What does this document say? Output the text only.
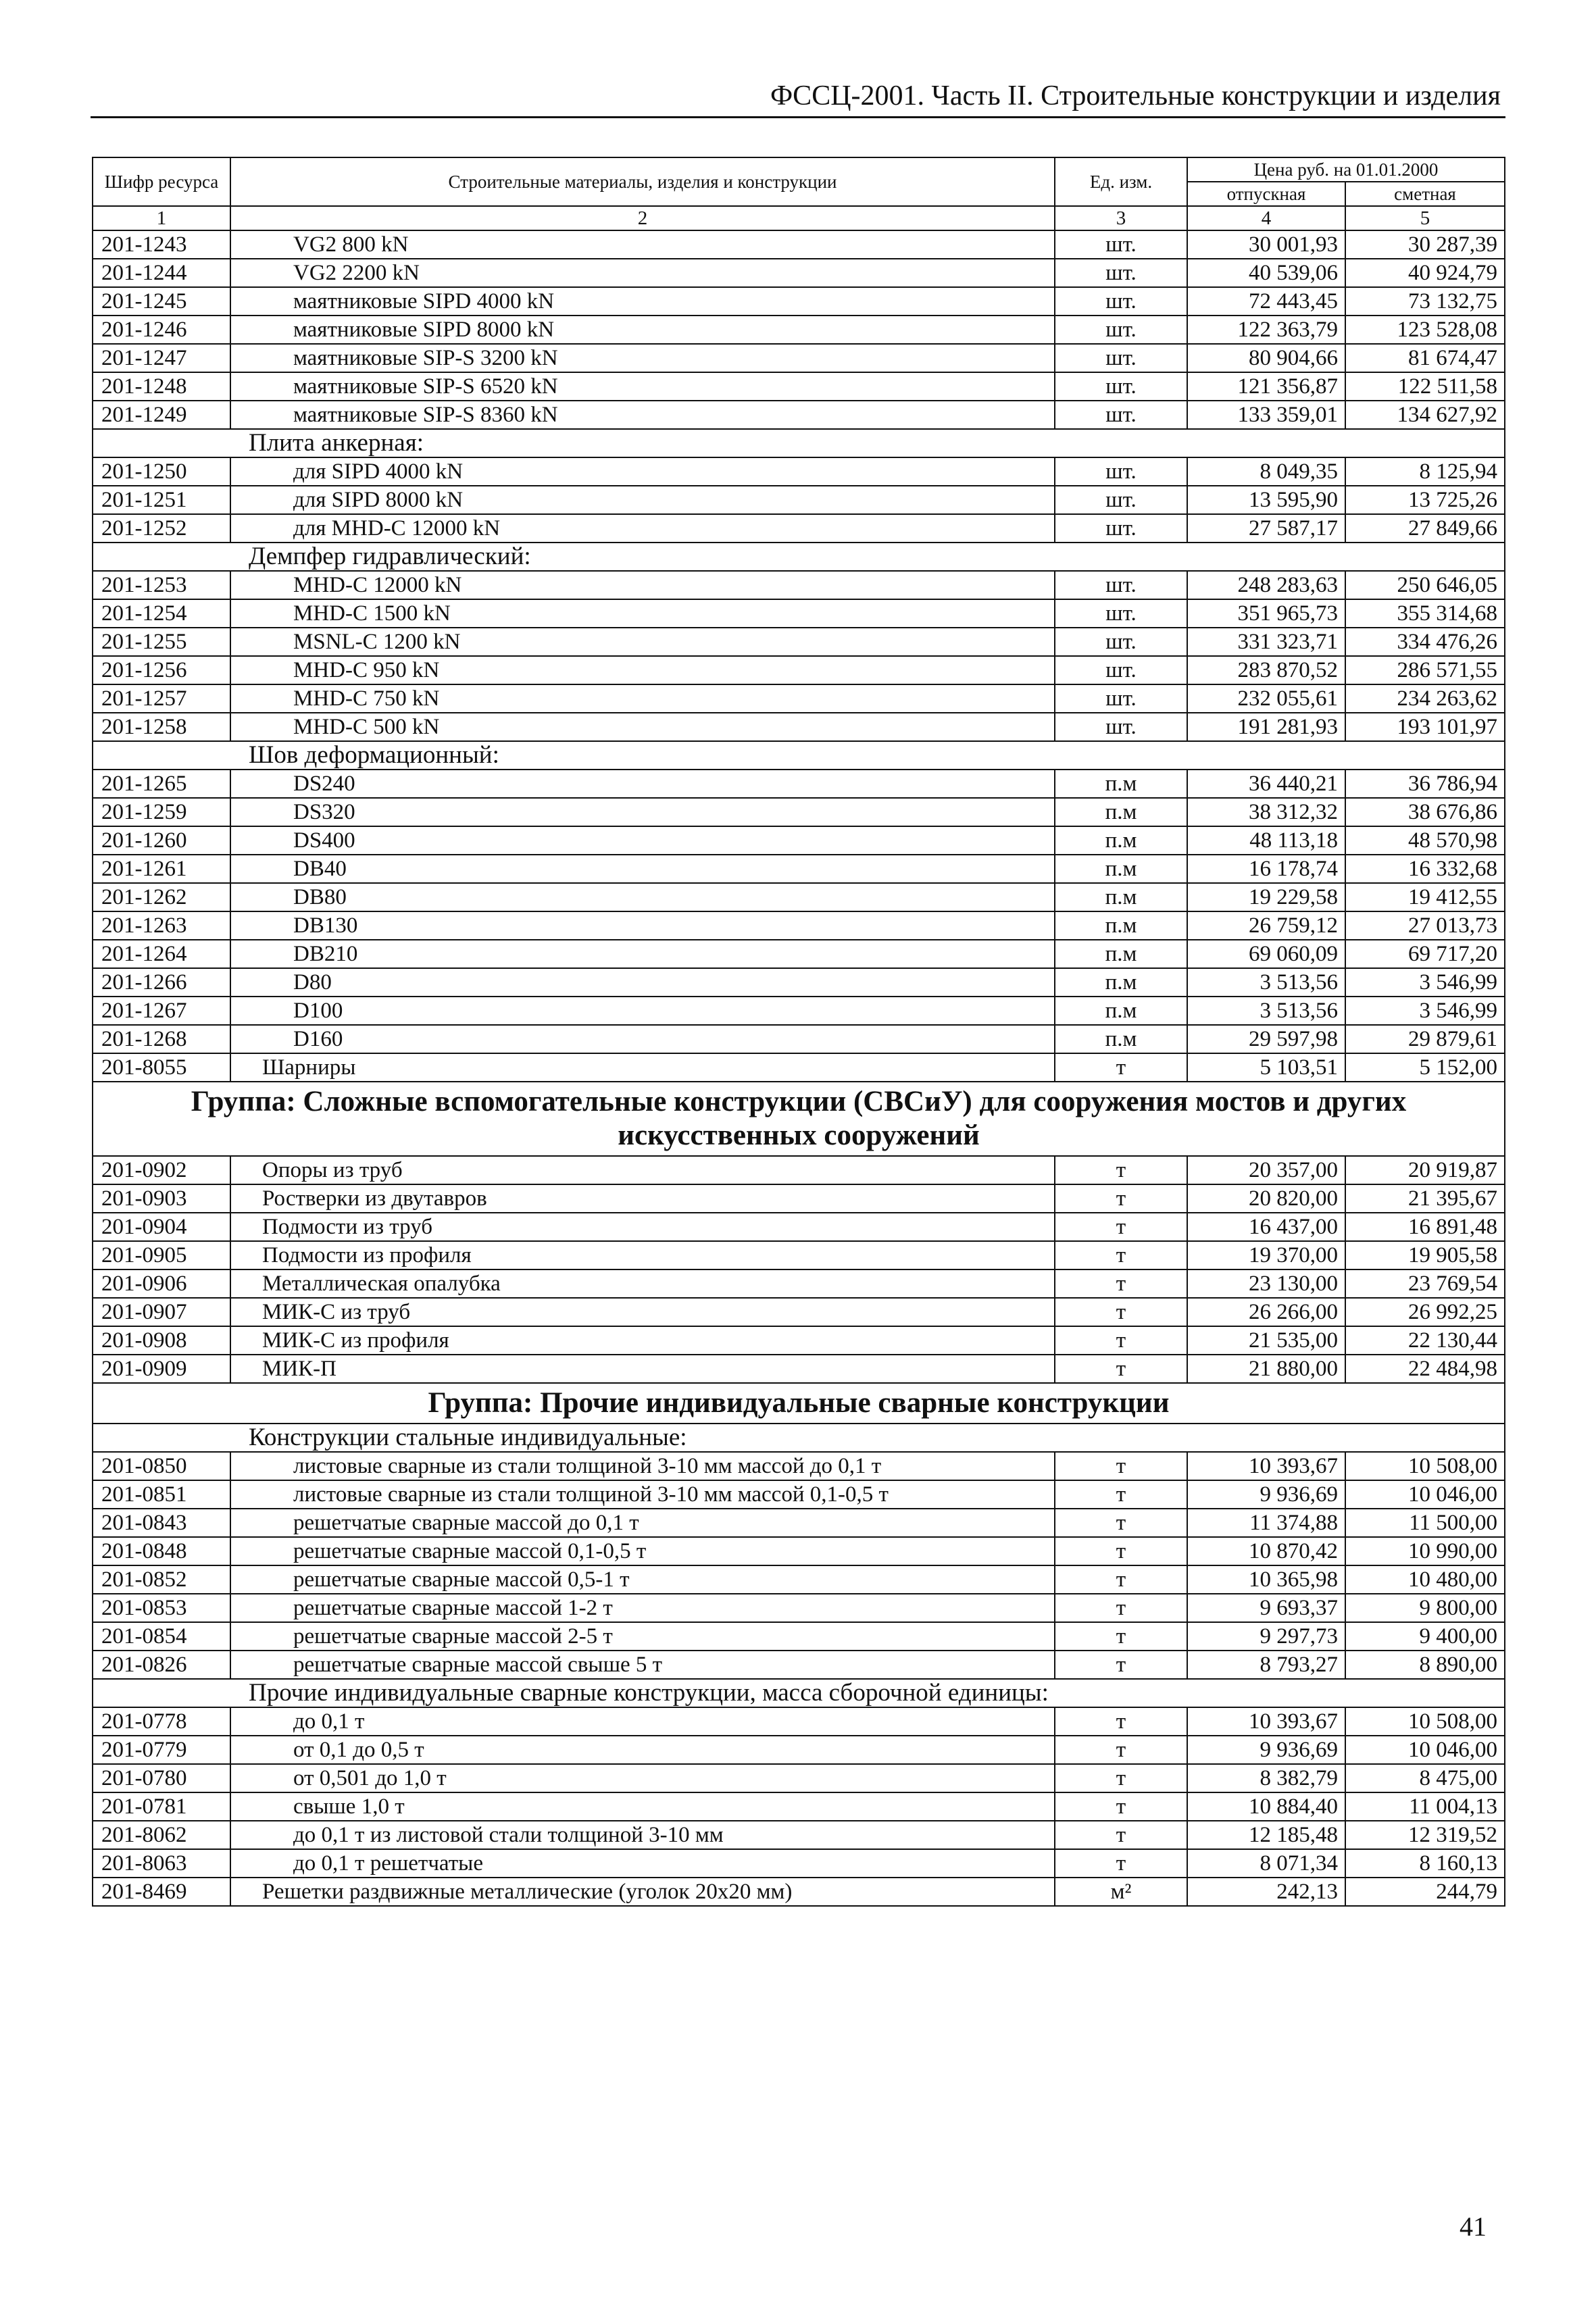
ФССЦ-2001. Часть II. Строительные конструкции и изделия
Шифр ресурса	Строительные материалы, изделия и конструкции	Ед. изм.	Цена руб. на 01.01.2000	
			отпускная	сметная
1	2	3	4	5
201-1243	VG2 800 kN	шт.	30 001,93	30 287,39
201-1244	VG2 2200 kN	шт.	40 539,06	40 924,79
201-1245	маятниковые SIPD 4000 kN	шт.	72 443,45	73 132,75
201-1246	маятниковые SIPD 8000 kN	шт.	122 363,79	123 528,08
201-1247	маятниковые SIP-S 3200 kN	шт.	80 904,66	81 674,47
201-1248	маятниковые SIP-S 6520 kN	шт.	121 356,87	122 511,58
201-1249	маятниковые SIP-S 8360 kN	шт.	133 359,01	134 627,92
Плита анкерная:				
201-1250	для SIPD 4000 kN	шт.	8 049,35	8 125,94
201-1251	для SIPD 8000 kN	шт.	13 595,90	13 725,26
201-1252	для MHD-C 12000 kN	шт.	27 587,17	27 849,66
Демпфер гидравлический:				
201-1253	MHD-C 12000 kN	шт.	248 283,63	250 646,05
201-1254	MHD-C 1500 kN	шт.	351 965,73	355 314,68
201-1255	MSNL-C 1200 kN	шт.	331 323,71	334 476,26
201-1256	MHD-C 950 kN	шт.	283 870,52	286 571,55
201-1257	MHD-C 750 kN	шт.	232 055,61	234 263,62
201-1258	MHD-C 500 kN	шт.	191 281,93	193 101,97
Шов деформационный:				
201-1265	DS240	п.м	36 440,21	36 786,94
201-1259	DS320	п.м	38 312,32	38 676,86
201-1260	DS400	п.м	48 113,18	48 570,98
201-1261	DB40	п.м	16 178,74	16 332,68
201-1262	DB80	п.м	19 229,58	19 412,55
201-1263	DB130	п.м	26 759,12	27 013,73
201-1264	DB210	п.м	69 060,09	69 717,20
201-1266	D80	п.м	3 513,56	3 546,99
201-1267	D100	п.м	3 513,56	3 546,99
201-1268	D160	п.м	29 597,98	29 879,61
201-8055	Шарниры	т	5 103,51	5 152,00
Группа: Сложные вспомогательные конструкции (СВСиУ) для сооружения мостов и других искусственных сооружений				
201-0902	Опоры из труб	т	20 357,00	20 919,87
201-0903	Ростверки из двутавров	т	20 820,00	21 395,67
201-0904	Подмости из труб	т	16 437,00	16 891,48
201-0905	Подмости из профиля	т	19 370,00	19 905,58
201-0906	Металлическая опалубка	т	23 130,00	23 769,54
201-0907	МИК-С из труб	т	26 266,00	26 992,25
201-0908	МИК-С из профиля	т	21 535,00	22 130,44
201-0909	МИК-П	т	21 880,00	22 484,98
Группа: Прочие индивидуальные сварные конструкции				
Конструкции стальные индивидуальные:				
201-0850	листовые сварные из стали толщиной 3-10 мм массой до 0,1 т	т	10 393,67	10 508,00
201-0851	листовые сварные из стали толщиной 3-10 мм массой 0,1-0,5 т	т	9 936,69	10 046,00
201-0843	решетчатые сварные массой до 0,1 т	т	11 374,88	11 500,00
201-0848	решетчатые сварные массой 0,1-0,5 т	т	10 870,42	10 990,00
201-0852	решетчатые сварные массой 0,5-1 т	т	10 365,98	10 480,00
201-0853	решетчатые сварные массой 1-2 т	т	9 693,37	9 800,00
201-0854	решетчатые сварные массой 2-5 т	т	9 297,73	9 400,00
201-0826	решетчатые сварные массой свыше 5 т	т	8 793,27	8 890,00
Прочие индивидуальные сварные конструкции, масса сборочной единицы:				
201-0778	до 0,1 т	т	10 393,67	10 508,00
201-0779	от 0,1 до 0,5 т	т	9 936,69	10 046,00
201-0780	от 0,501 до 1,0 т	т	8 382,79	8 475,00
201-0781	свыше 1,0 т	т	10 884,40	11 004,13
201-8062	до 0,1 т из листовой стали толщиной 3-10 мм	т	12 185,48	12 319,52
201-8063	до 0,1 т решетчатые	т	8 071,34	8 160,13
201-8469	Решетки раздвижные металлические (уголок 20х20 мм)	м²	242,13	244,79
41
